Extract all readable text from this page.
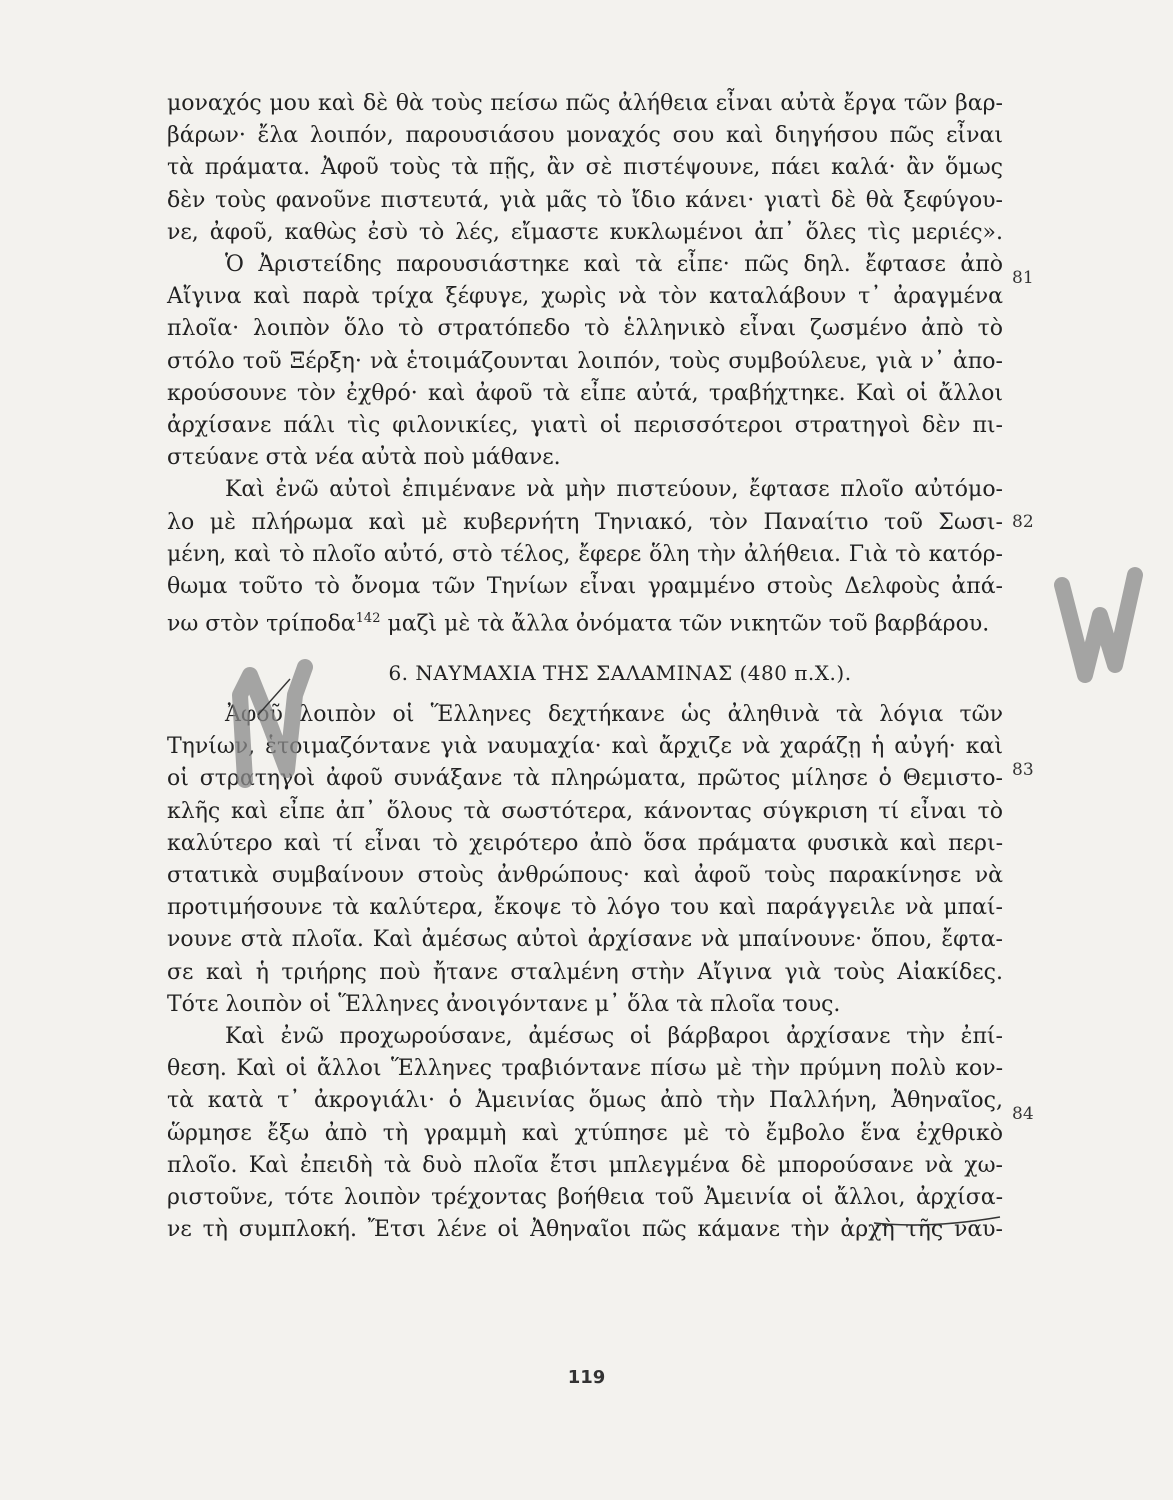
μοναχός μου καὶ δὲ θὰ τοὺς πείσω πῶς ἀλήθεια εἶναι αὐτὰ ἔργα τῶν βαρ-
βάρων· ἔλα λοιπόν, παρουσιάσου μοναχός σου καὶ διηγήσου πῶς εἶναι
τὰ πράματα. Ἀφοῦ τοὺς τὰ πῇς, ἂν σὲ πιστέψουνε, πάει καλά· ἂν ὅμως
δὲν τοὺς φανοῦνε πιστευτά, γιὰ μᾶς τὸ ἴδιο κάνει· γιατὶ δὲ θὰ ξεφύγου-
νε, ἀφοῦ, καθὼς ἐσὺ τὸ λές, εἴμαστε κυκλωμένοι ἀπ᾽ ὅλες τὶς μεριές».
Ὁ Ἀριστείδης παρουσιάστηκε καὶ τὰ εἶπε· πῶς δηλ. ἔφτασε ἀπὸ
Αἴγινα καὶ παρὰ τρίχα ξέφυγε, χωρὶς νὰ τὸν καταλάβουν τ᾽ ἀραγμένα
πλοῖα· λοιπὸν ὅλο τὸ στρατόπεδο τὸ ἑλληνικὸ εἶναι ζωσμένο ἀπὸ τὸ
στόλο τοῦ Ξέρξη· νὰ ἑτοιμάζουνται λοιπόν, τοὺς συμβούλευε, γιὰ ν᾽ ἀπο-
κρούσουνε τὸν ἐχθρό· καὶ ἀφοῦ τὰ εἶπε αὐτά, τραβήχτηκε. Καὶ οἱ ἄλλοι
ἀρχίσανε πάλι τὶς φιλονικίες, γιατὶ οἱ περισσότεροι στρατηγοὶ δὲν πι-
στεύανε στὰ νέα αὐτὰ ποὺ μάθανε.
Καὶ ἐνῶ αὐτοὶ ἐπιμένανε νὰ μὴν πιστεύουν, ἔφτασε πλοῖο αὐτόμο-
λο μὲ πλήρωμα καὶ μὲ κυβερνήτη Τηνιακό, τὸν Παναίτιο τοῦ Σωσι-
μένη, καὶ τὸ πλοῖο αὐτό, στὸ τέλος, ἔφερε ὅλη τὴν ἀλήθεια. Γιὰ τὸ κατόρ-
θωμα τοῦτο τὸ ὄνομα τῶν Τηνίων εἶναι γραμμένο στοὺς Δελφοὺς ἀπά-
νω στὸν τρίποδα$^{142}$ μαζὶ μὲ τὰ ἄλλα ὀνόματα τῶν νικητῶν τοῦ βαρβάρου.
6. ΝΑΥΜΑΧΙΑ ΤΗΣ ΣΑΛΑΜΙΝΑΣ (480 π.Χ.).
Ἀφοῦ λοιπὸν οἱ Ἕλληνες δεχτήκανε ὡς ἀληθινὰ τὰ λόγια τῶν
Τηνίων, ἑτοιμαζόντανε γιὰ ναυμαχία· καὶ ἄρχιζε νὰ χαράζῃ ἡ αὐγή· καὶ
οἱ στρατηγοὶ ἀφοῦ συνάξανε τὰ πληρώματα, πρῶτος μίλησε ὁ Θεμιστο-
κλῆς καὶ εἶπε ἀπ᾽ ὅλους τὰ σωστότερα, κάνοντας σύγκριση τί εἶναι τὸ
καλύτερο καὶ τί εἶναι τὸ χειρότερο ἀπὸ ὅσα πράματα φυσικὰ καὶ περι-
στατικὰ συμβαίνουν στοὺς ἀνθρώπους· καὶ ἀφοῦ τοὺς παρακίνησε νὰ
προτιμήσουνε τὰ καλύτερα, ἔκοψε τὸ λόγο του καὶ παράγγειλε νὰ μπαί-
νουνε στὰ πλοῖα. Καὶ ἀμέσως αὐτοὶ ἀρχίσανε νὰ μπαίνουνε· ὅπου, ἔφτα-
σε καὶ ἡ τριήρης ποὺ ἤτανε σταλμένη στὴν Αἴγινα γιὰ τοὺς Αἰακίδες.
Τότε λοιπὸν οἱ Ἕλληνες ἀνοιγόντανε μ᾽ ὅλα τὰ πλοῖα τους.
Καὶ ἐνῶ προχωρούσανε, ἀμέσως οἱ βάρβαροι ἀρχίσανε τὴν ἐπί-
θεση. Καὶ οἱ ἄλλοι Ἕλληνες τραβιόντανε πίσω μὲ τὴν πρύμνη πολὺ κον-
τὰ κατὰ τ᾽ ἀκρογιάλι· ὁ Ἀμεινίας ὅμως ἀπὸ τὴν Παλλήνη, Ἀθηναῖος,
ὥρμησε ἔξω ἀπὸ τὴ γραμμὴ καὶ χτύπησε μὲ τὸ ἔμβολο ἕνα ἐχθρικὸ
πλοῖο. Καὶ ἐπειδὴ τὰ δυὸ πλοῖα ἔτσι μπλεγμένα δὲ μπορούσανε νὰ χω-
ριστοῦνε, τότε λοιπὸν τρέχοντας βοήθεια τοῦ Ἀμεινία οἱ ἄλλοι, ἀρχίσα-
νε τὴ συμπλοκή. Ἔτσι λένε οἱ Ἀθηναῖοι πῶς κάμανε τὴν ἀρχὴ τῆς ναυ-
81
82
83
84
119
